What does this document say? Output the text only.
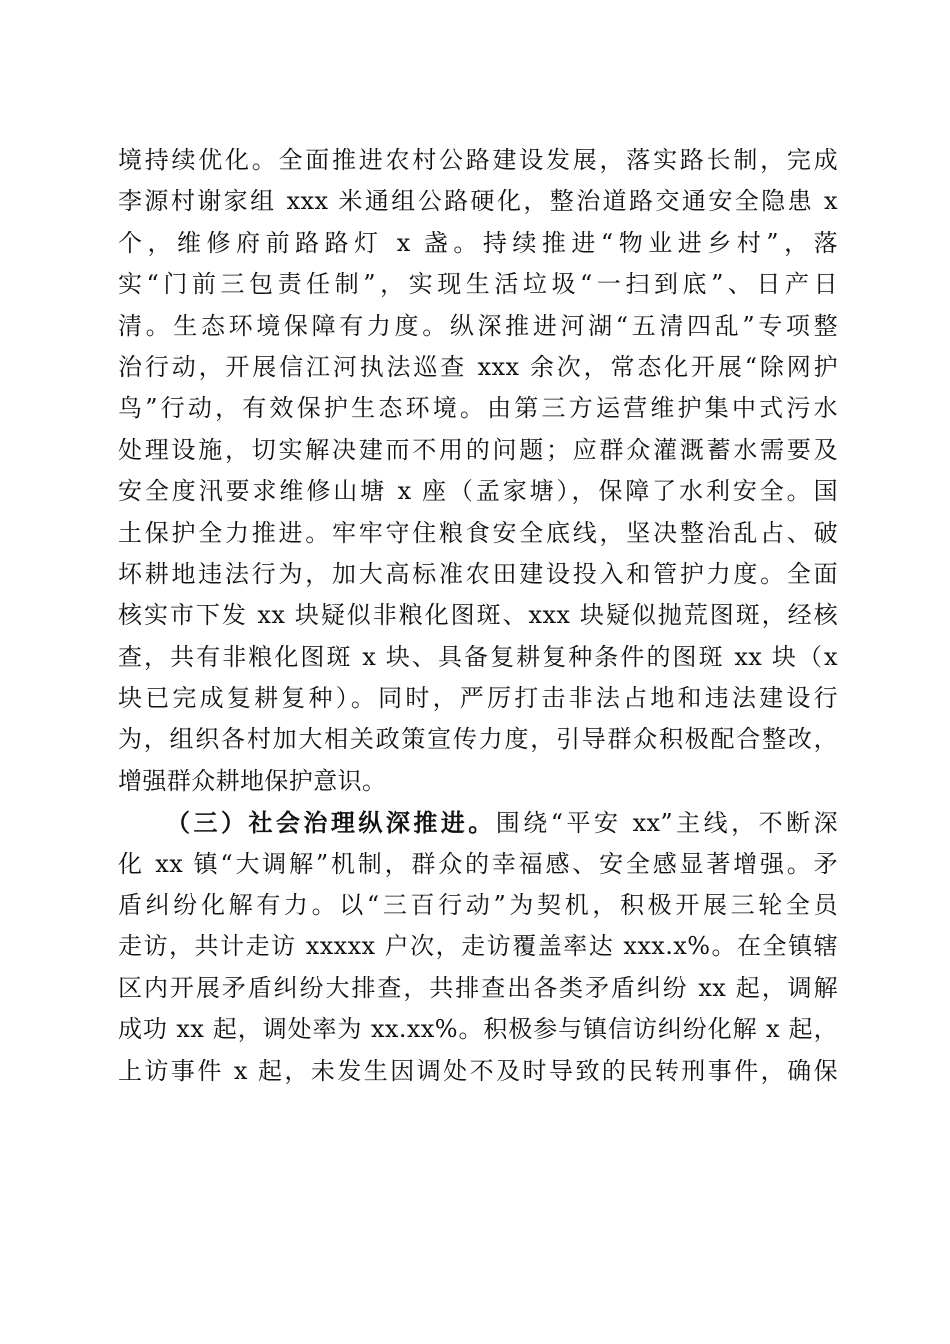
境持续优化。全面推进农村公路建设发展，落实路长制，完成
李源村谢家组 xxx 米通组公路硬化，整治道路交通安全隐患 x
个，维修府前路路灯 x 盏。持续推进“物业进乡村”，落
实“门前三包责任制”，实现生活垃圾“一扫到底”、日产日
清。生态环境保障有力度。纵深推进河湖“五清四乱”专项整
治行动，开展信江河执法巡查 xxx 余次，常态化开展“除网护
鸟”行动，有效保护生态环境。由第三方运营维护集中式污水
处理设施，切实解决建而不用的问题；应群众灌溉蓄水需要及
安全度汛要求维修山塘 x 座（孟家塘），保障了水利安全。国
土保护全力推进。牢牢守住粮食安全底线，坚决整治乱占、破
坏耕地违法行为，加大高标准农田建设投入和管护力度。全面
核实市下发 xx 块疑似非粮化图斑、xxx 块疑似抛荒图斑，经核
查，共有非粮化图斑 x 块、具备复耕复种条件的图斑 xx 块（x
块已完成复耕复种）。同时，严厉打击非法占地和违法建设行
为，组织各村加大相关政策宣传力度，引导群众积极配合整改，
增强群众耕地保护意识。
（三）社会治理纵深推进。围绕“平安 xx”主线，不断深
化 xx 镇“大调解”机制，群众的幸福感、安全感显著增强。矛
盾纠纷化解有力。以“三百行动”为契机，积极开展三轮全员
走访，共计走访 xxxxx 户次，走访覆盖率达 xxx.x%。在全镇辖
区内开展矛盾纠纷大排查，共排查出各类矛盾纠纷 xx 起，调解
成功 xx 起，调处率为 xx.xx%。积极参与镇信访纠纷化解 x 起，
上访事件 x 起，未发生因调处不及时导致的民转刑事件，确保
